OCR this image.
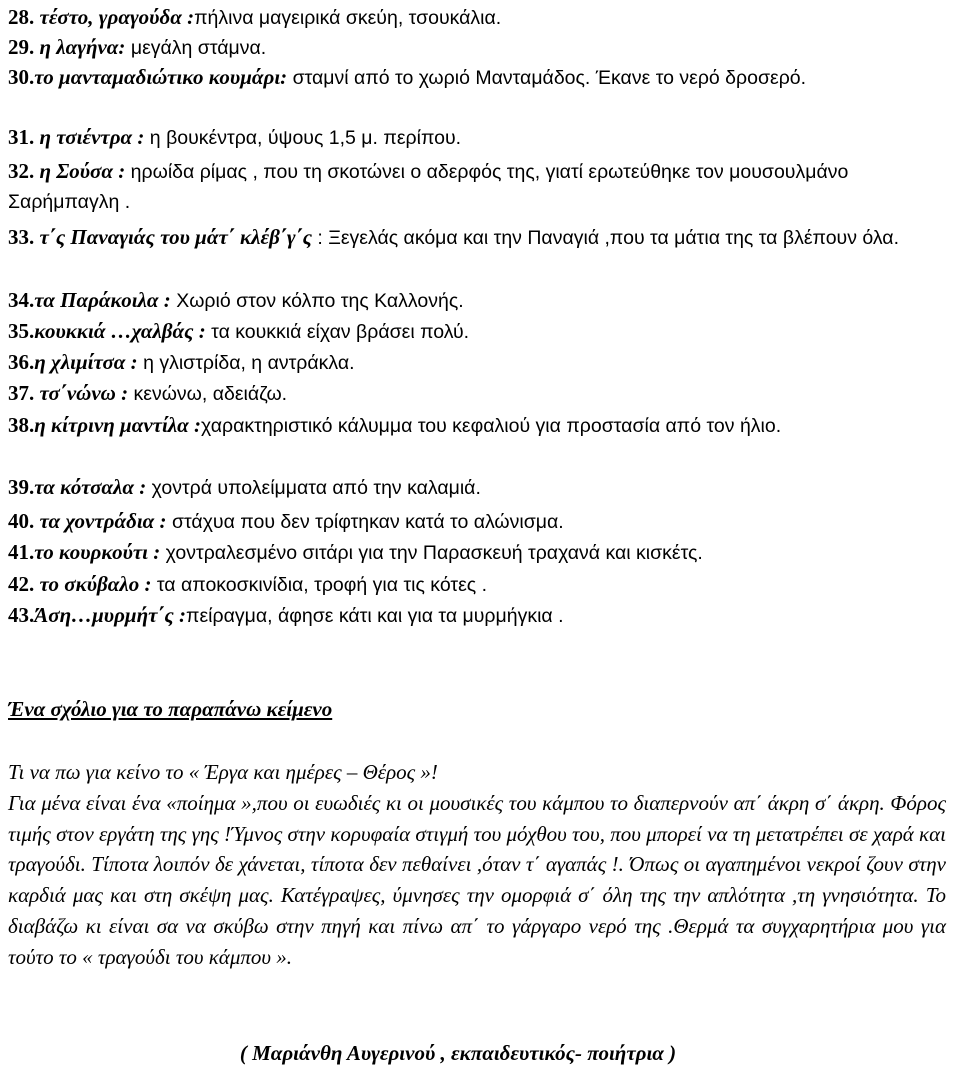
28. τέστο, γραγούδα :πήλινα μαγειρικά σκεύη, τσουκάλια.
29. η λαγήνα: μεγάλη στάμνα.
30.το μανταμαδιώτικο κουμάρι: σταμνί από το χωριό Μανταμάδος. Έκανε το νερό δροσερό.
31. η τσιέντρα : η βουκέντρα, ύψους 1,5 μ. περίπου.
32. η Σούσα : ηρωίδα ρίμας , που τη σκοτώνει ο αδερφός της, γιατί ερωτεύθηκε τον μουσουλμάνο Σαρήμπαγλη .
33. τ΄ς Παναγιάς του μάτ΄ κλέβ΄γ΄ς : Ξεγελάς ακόμα και την Παναγιά ,που τα μάτια της τα βλέπουν όλα.
34.τα Παράκοιλα : Χωριό στον κόλπο της Καλλονής.
35.κουκκιά …χαλβάς : τα κουκκιά είχαν βράσει πολύ.
36.η χλιμίτσα : η γλιστρίδα, η αντράκλα.
37. τσ΄νώνω : κενώνω, αδειάζω.
38.η κίτρινη μαντίλα :χαρακτηριστικό κάλυμμα του κεφαλιού για προστασία από τον ήλιο.
39.τα κότσαλα : χοντρά υπολείμματα από την καλαμιά.
40. τα χοντράδια : στάχυα που δεν τρίφτηκαν κατά το αλώνισμα.
41.το κουρκούτι : χοντραλεσμένο σιτάρι για την Παρασκευή τραχανά και κισκέτς.
42. το σκύβαλο : τα αποκοσκινίδια, τροφή για τις κότες .
43.Άση…μυρμήτ΄ς :πείραγμα, άφησε κάτι και για τα μυρμήγκια .
Ένα σχόλιο για το παραπάνω κείμενο

Τι να πω για κείνο το « Έργα και ημέρες – Θέρος »!
Για μένα είναι ένα «ποίημα »,που οι ευωδιές κι οι μουσικές του κάμπου το διαπερνούν απ΄ άκρη σ΄ άκρη. Φόρος τιμής στον εργάτη της γης !Ύμνος στην κορυφαία στιγμή του μόχθου του, που μπορεί να τη μετατρέπει σε χαρά και τραγούδι. Τίποτα λοιπόν δε χάνεται, τίποτα δεν πεθαίνει ,όταν τ΄ αγαπάς !. Όπως οι αγαπημένοι νεκροί ζουν στην καρδιά μας και στη σκέψη μας. Κατέγραψες, ύμνησες την ομορφιά σ΄ όλη της την απλότητα ,τη γνησιότητα. Το διαβάζω κι είναι σα να σκύβω στην πηγή και πίνω απ΄ το γάργαρο νερό της .Θερμά τα συγχαρητήρια μου για τούτο το « τραγούδι του κάμπου ».

( Μαριάνθη Αυγερινού , εκπαιδευτικός- ποιήτρια )
